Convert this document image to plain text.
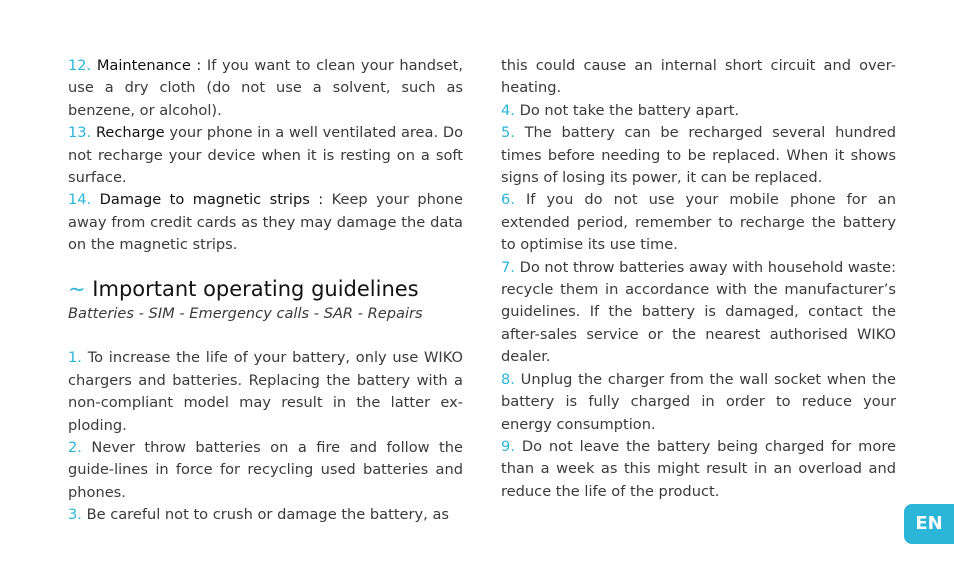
12. Maintenance : If you want to clean your handset, use a dry cloth (do not use a solvent, such as benzene, or alcohol).

13. Recharge your phone in a well ventilated area. Do not recharge your device when it is resting on a soft surface.

14. Damage to magnetic strips : Keep your phone away from credit cards as they may damage the data on the magnetic strips.

~ Important operating guidelines
Batteries - SIM - Emergency calls - SAR - Repairs

1. To increase the life of your battery, only use WIKO chargers and batteries. Replacing the battery with a non-compliant model may result in the latter ex-ploding.

2. Never throw batteries on a fire and follow the guide-lines in force for recycling used batteries and phones.

3. Be careful not to crush or damage the battery, as

this could cause an internal short circuit and over-heating.

4. Do not take the battery apart.

5. The battery can be recharged several hundred times before needing to be replaced. When it shows signs of losing its power, it can be replaced.

6. If you do not use your mobile phone for an extended period, remember to recharge the battery to optimise its use time.

7. Do not throw batteries away with household waste: recycle them in accordance with the manufacturer’s guidelines. If the battery is damaged, contact the after-sales service or the nearest authorised WIKO dealer.

8. Unplug the charger from the wall socket when the battery is fully charged in order to reduce your energy consumption.

9. Do not leave the battery being charged for more than a week as this might result in an overload and reduce the life of the product.

EN
